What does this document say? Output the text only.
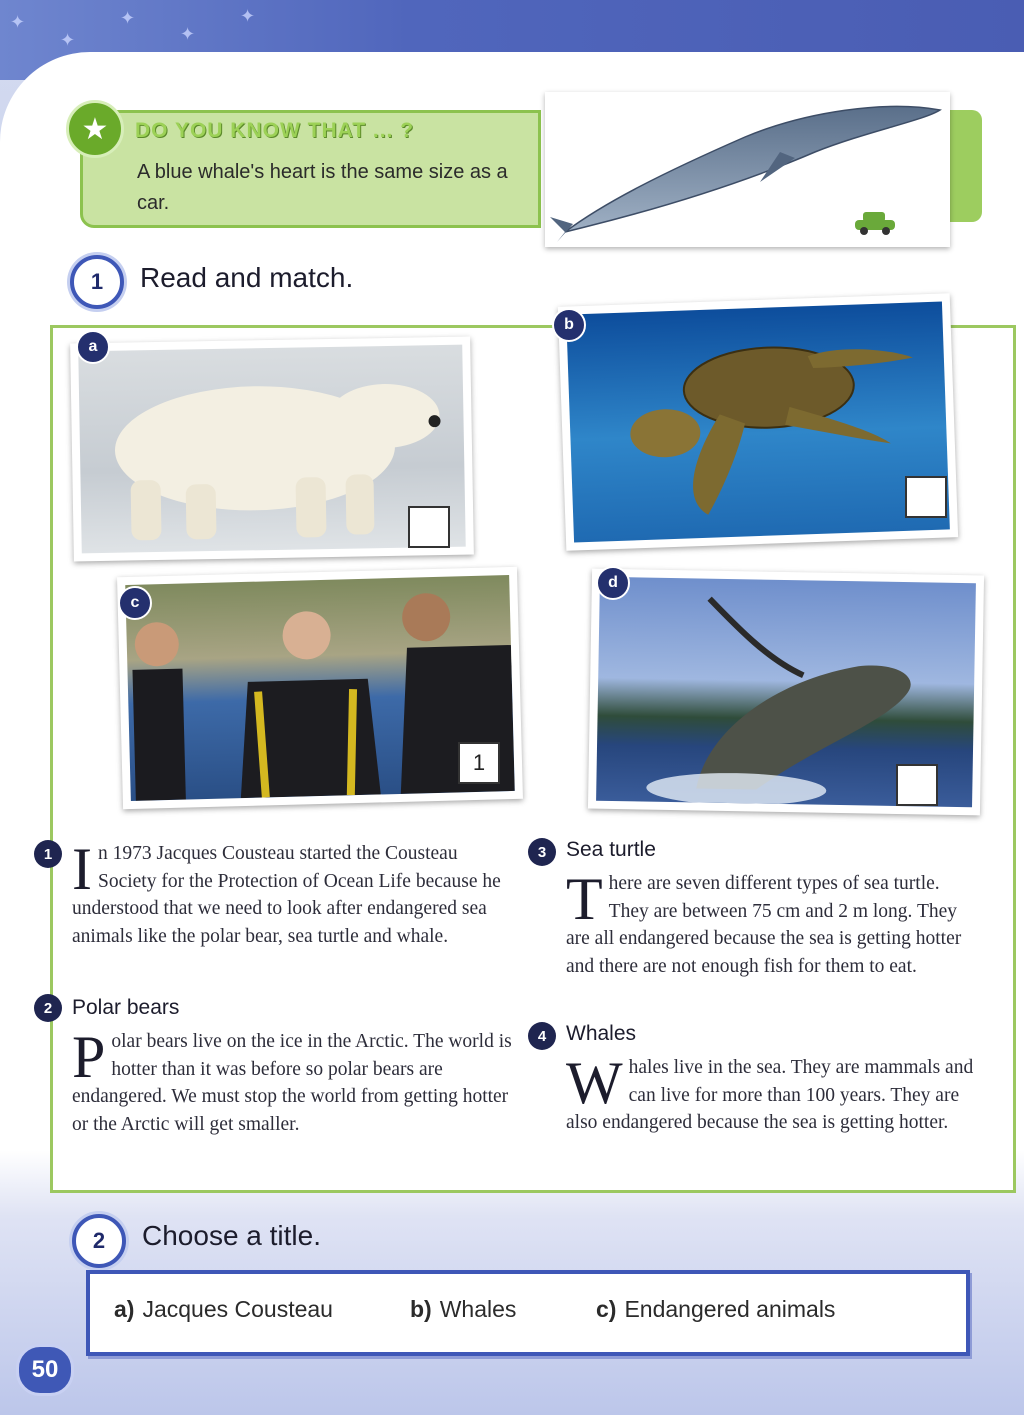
✦
✦
✦
✦
✦
DO YOU KNOW THAT ... ?
A blue whale's heart is the same size as a car.
★
1	Read and match.
a
b
c
1
d
1 In 1973 Jacques Cousteau started the Cousteau Society for the Protection of Ocean Life because he understood that we need to look after endangered sea animals like the polar bear, sea turtle and whale.
2 Polar bears
Polar bears live on the ice in the Arctic. The world is hotter than it was before so polar bears are endangered. We must stop the world from getting hotter or the Arctic will get smaller.
3 Sea turtle
There are seven different types of sea turtle. They are between 75 cm and 2 m long. They are all endangered because the sea is getting hotter and there are not enough fish for them to eat.
4 Whales
Whales live in the sea. They are mammals and can live for more than 100 years. They are also endangered because the sea is getting hotter.
2	Choose a title.
a) Jacques Cousteau	b) Whales	c) Endangered animals
50
